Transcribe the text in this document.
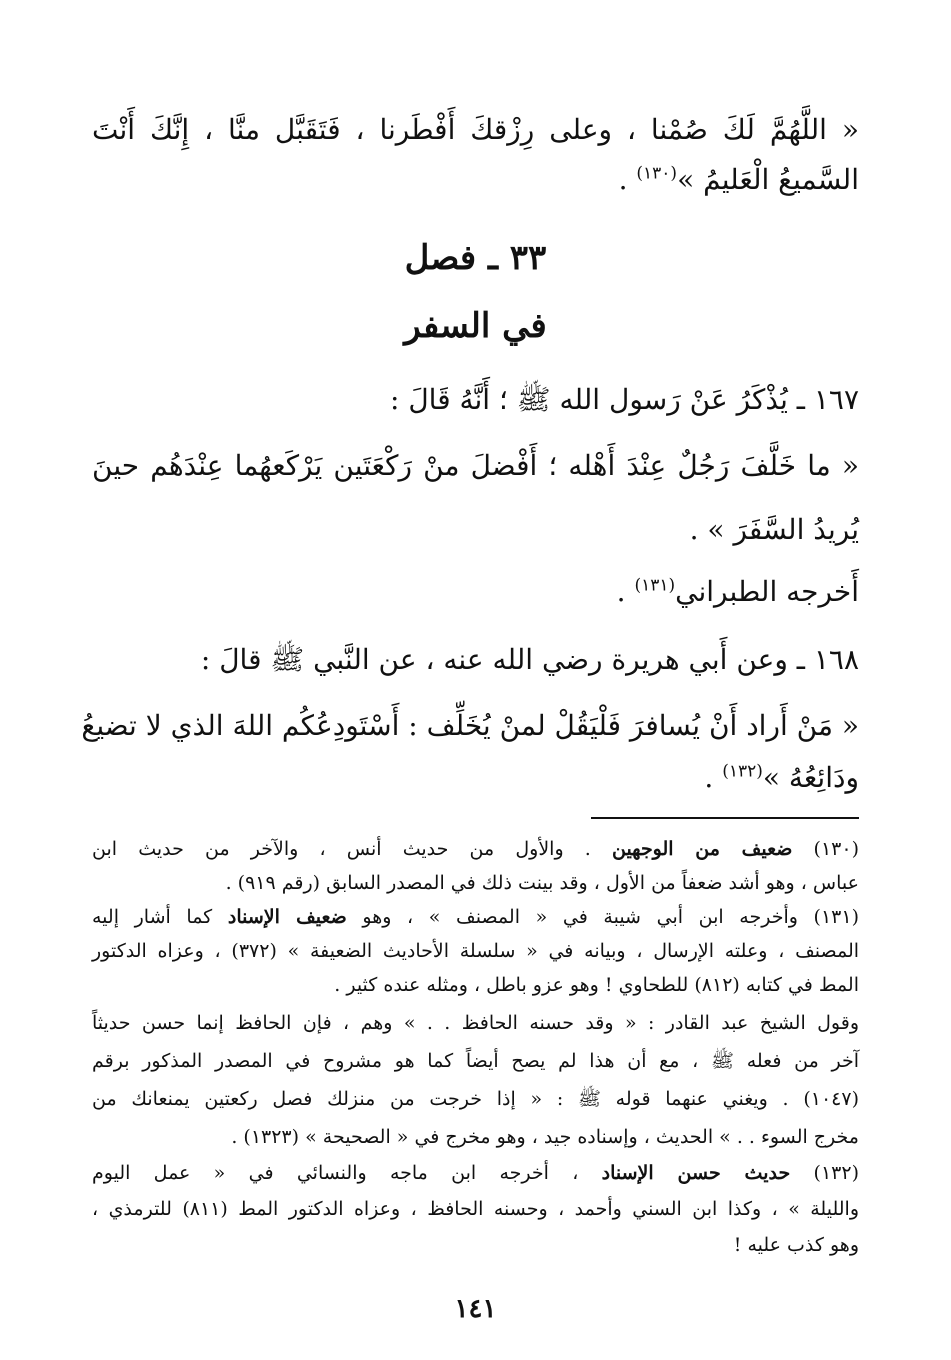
« اللَّهُمَّ لَكَ صُمْنا ، وعلى رِزْقكَ أَفْطَرنا ، فَتَقَبَّل منَّا ، إِنَّكَ أَنْتَ
السَّميعُ الْعَليمُ »$^{(١٣٠)}$ .
٣٣ ـ فصل
في السفر
١٦٧ ـ يُذْكَرُ عَنْ رَسول الله ﷺ ؛ أَنَّهُ قَالَ :
« ما خَلَّفَ رَجُلٌ عِنْدَ أَهْله ؛ أَفْضلَ منْ رَكْعَتَين يَرْكَعهُما عِنْدَهُم حينَ
يُريدُ السَّفَرَ » .
أَخرجه الطبراني$^{(١٣١)}$ .
١٦٨ ـ وعن أَبي هريرة رضي الله عنه ، عن النَّبي ﷺ قالَ :
« مَنْ أَراد أَنْ يُسافرَ فَلْيَقُلْ لمنْ يُخَلِّف : أَسْتَودِعُكُم اللهَ الذي لا تضيعُ
ودَائِعُهُ »$^{(١٣٢)}$ .
(١٣٠) ضعيف من الوجهين . والأول من حديث أنس ، والآخر من حديث ابن
عباس ، وهو أشد ضعفاً من الأول ، وقد بينت ذلك في المصدر السابق (رقم ٩١٩) .
(١٣١) وأخرجه ابن أبي شيبة في « المصنف » ، وهو ضعيف الإسناد كما أشار إليه
المصنف ، وعلته الإرسال ، وبيانه في « سلسلة الأحاديث الضعيفة » (٣٧٢) ، وعزاه الدكتور
المط في كتابه (٨١٢) للطحاوي ! وهو عزو باطل ، ومثله عنده كثير .
وقول الشيخ عبد القادر : « وقد حسنه الحافظ . . » وهم ، فإن الحافظ إنما حسن حديثاً
آخر من فعله ﷺ ، مع أن هذا لم يصح أيضاً كما هو مشروح في المصدر المذكور برقم
(١٠٤٧) . ويغني عنهما قوله ﷺ : « إذا خرجت من منزلك فصل ركعتين يمنعانك من
مخرج السوء . . » الحديث ، وإسناده جيد ، وهو مخرج في « الصحيحة » (١٣٢٣) .
(١٣٢) حديث حسن الإسناد ، أخرجه ابن ماجه والنسائي في « عمل اليوم
والليلة » ، وكذا ابن السني وأحمد ، وحسنه الحافظ ، وعزاه الدكتور المط (٨١١) للترمذي ،
وهو كذب عليه !
١٤١
